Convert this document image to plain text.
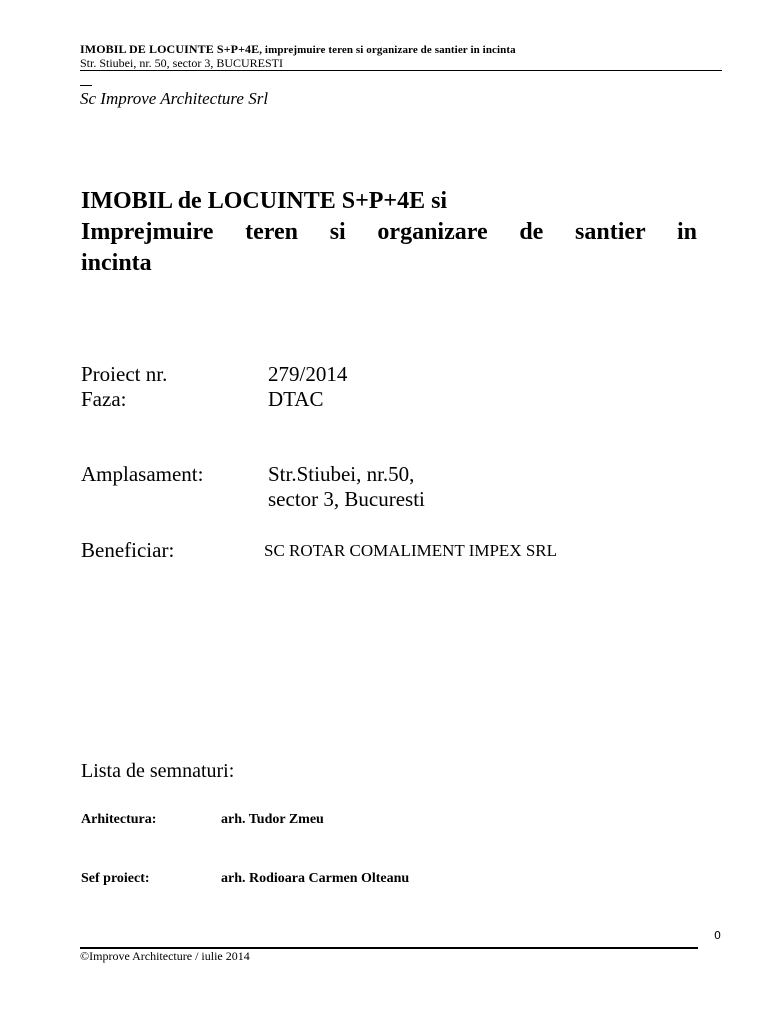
IMOBIL DE LOCUINTE S+P+4E, imprejmuire teren si organizare de santier in incinta
Str. Stiubei, nr. 50, sector 3, BUCURESTI
Sc Improve Architecture Srl
IMOBIL de LOCUINTE S+P+4E si
Imprejmuire teren si organizare de santier in
incinta
Proiect nr.	279/2014
Faza:	DTAC
Amplasament:	Str.Stiubei, nr.50,
sector 3, Bucuresti
Beneficiar:	SC ROTAR COMALIMENT IMPEX SRL
Lista de semnaturi:
Arhitectura:	arh. Tudor Zmeu
Sef proiect:	arh. Rodioara Carmen Olteanu
0
©Improve Architecture / iulie 2014
